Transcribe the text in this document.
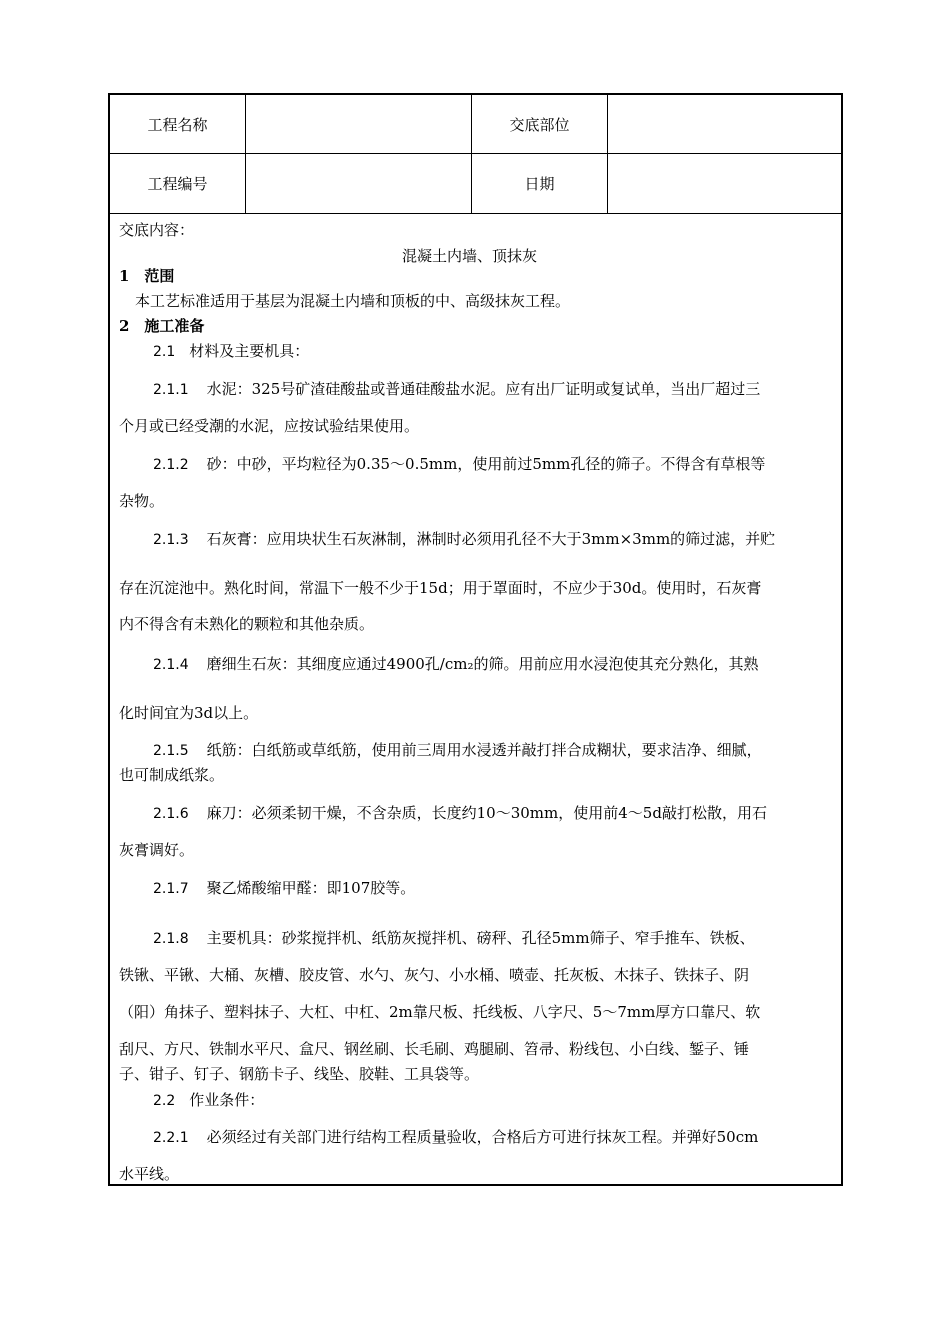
工程名称	交底部位
工程编号	日期
交底内容：
混凝土内墙、顶抹灰
1　范围
本工艺标准适用于基层为混凝土内墙和顶板的中、高级抹灰工程。
2　施工准备
2.1 材料及主要机具：
2.1.1 水泥：325号矿渣硅酸盐或普通硅酸盐水泥。应有出厂证明或复试单，当出厂超过三
个月或已经受潮的水泥，应按试验结果使用。
2.1.2 砂：中砂，平均粒径为0.35～0.5mm，使用前过5mm孔径的筛子。不得含有草根等
杂物。
2.1.3 石灰膏：应用块状生石灰淋制，淋制时必须用孔径不大于3mm×3mm的筛过滤，并贮
存在沉淀池中。熟化时间，常温下一般不少于15d；用于罩面时，不应少于30d。使用时，石灰膏
内不得含有未熟化的颗粒和其他杂质。
2.1.4 磨细生石灰：其细度应通过4900孔/cm₂的筛。用前应用水浸泡使其充分熟化，其熟
化时间宜为3d以上。
2.1.5 纸筋：白纸筋或草纸筋，使用前三周用水浸透并敲打拌合成糊状，要求洁净、细腻，
也可制成纸浆。
2.1.6 麻刀：必须柔韧干燥，不含杂质，长度约10～30mm，使用前4～5d敲打松散，用石
灰膏调好。
2.1.7 聚乙烯酸缩甲醛：即107胶等。
2.1.8 主要机具：砂浆搅拌机、纸筋灰搅拌机、磅秤、孔径5mm筛子、窄手推车、铁板、
铁锹、平锹、大桶、灰槽、胶皮管、水勺、灰勺、小水桶、喷壶、托灰板、木抹子、铁抹子、阴
（阳）角抹子、塑料抹子、大杠、中杠、2m靠尺板、托线板、八字尺、5～7mm厚方口靠尺、软
刮尺、方尺、铁制水平尺、盒尺、钢丝刷、长毛刷、鸡腿刷、笤帚、粉线包、小白线、錾子、锤
子、钳子、钉子、钢筋卡子、线坠、胶鞋、工具袋等。
2.2 作业条件：
2.2.1 必须经过有关部门进行结构工程质量验收，合格后方可进行抹灰工程。并弹好50cm
水平线。
